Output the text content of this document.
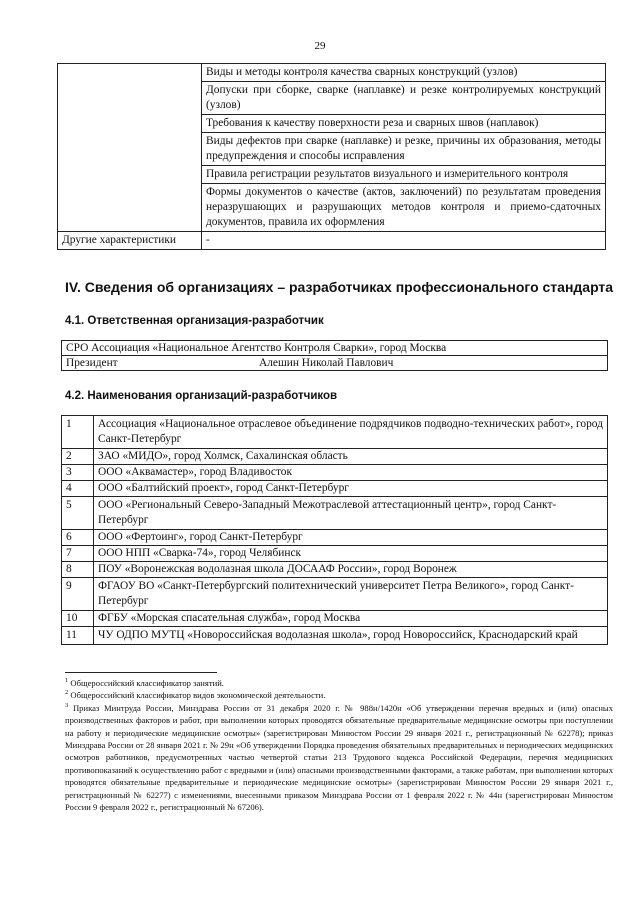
29
	Виды и методы контроля качества сварных конструкций (узлов)
	Допуски при сборке, сварке (наплавке) и резке контролируемых конструкций (узлов)
	Требования к качеству поверхности реза и сварных швов (наплавок)
	Виды дефектов при сварке (наплавке) и резке, причины их образования, методы предупреждения и способы исправления
	Правила регистрации результатов визуального и измерительного контроля
	Формы документов о качестве (актов, заключений) по результатам проведения неразрушающих и разрушающих методов контроля и приемо-сдаточных документов, правила их оформления
Другие характеристики	-
IV. Сведения об организациях – разработчиках профессионального стандарта
4.1. Ответственная организация-разработчик
СРО Ассоциация «Национальное Агентство Контроля Сварки», город Москва

Президент	Алешин Николай Павлович
4.2. Наименования организаций-разработчиков
1	Ассоциация «Национальное отраслевое объединение подрядчиков подводно-технических работ», город Санкт-Петербург
2	ЗАО «МИДО», город Холмск, Сахалинская область
3	ООО «Аквамастер», город Владивосток
4	ООО «Балтийский проект», город Санкт-Петербург
5	ООО «Региональный Северо-Западный Межотраслевой аттестационный центр», город Санкт-Петербург
6	ООО «Фертоинг», город Санкт-Петербург
7	ООО НПП «Сварка-74», город Челябинск
8	ПОУ «Воронежская водолазная школа ДОСААФ России», город Воронеж
9	ФГАОУ ВО «Санкт-Петербургский политехнический университет Петра Великого», город Санкт-Петербург
10	ФГБУ «Морская спасательная служба», город Москва
11	ЧУ ОДПО МУТЦ «Новороссийская водолазная школа», город Новороссийск, Краснодарский край

$^1$ Общероссийский классификатор занятий.

$^2$ Общероссийский классификатор видов экономической деятельности.

$^3$ Приказ Минтруда России, Минздрава России от 31 декабря 2020 г. № 988н/1420н «Об утверждении перечня вредных и (или) опасных производственных факторов и работ, при выполнении которых проводятся обязательные предварительные медицинские осмотры при поступлении на работу и периодические медицинские осмотры» (зарегистрирован Минюстом России 29 января 2021 г., регистрационный № 62278); приказ Минздрава России от 28 января 2021 г. № 29н «Об утверждении Порядка проведения обязательных предварительных и периодических медицинских осмотров работников, предусмотренных частью четвертой статьи 213 Трудового кодекса Российской Федерации, перечня медицинских противопоказаний к осуществлению работ с вредными и (или) опасными производственными факторами, а также работам, при выполнении которых проводятся обязательные предварительные и периодические медицинские осмотры» (зарегистрирован Минюстом России 29 января 2021 г., регистрационный № 62277) с изменениями, внесенными приказом Минздрава России от 1 февраля 2022 г. № 44н (зарегистрирован Минюстом России 9 февраля 2022 г., регистрационный № 67206).
